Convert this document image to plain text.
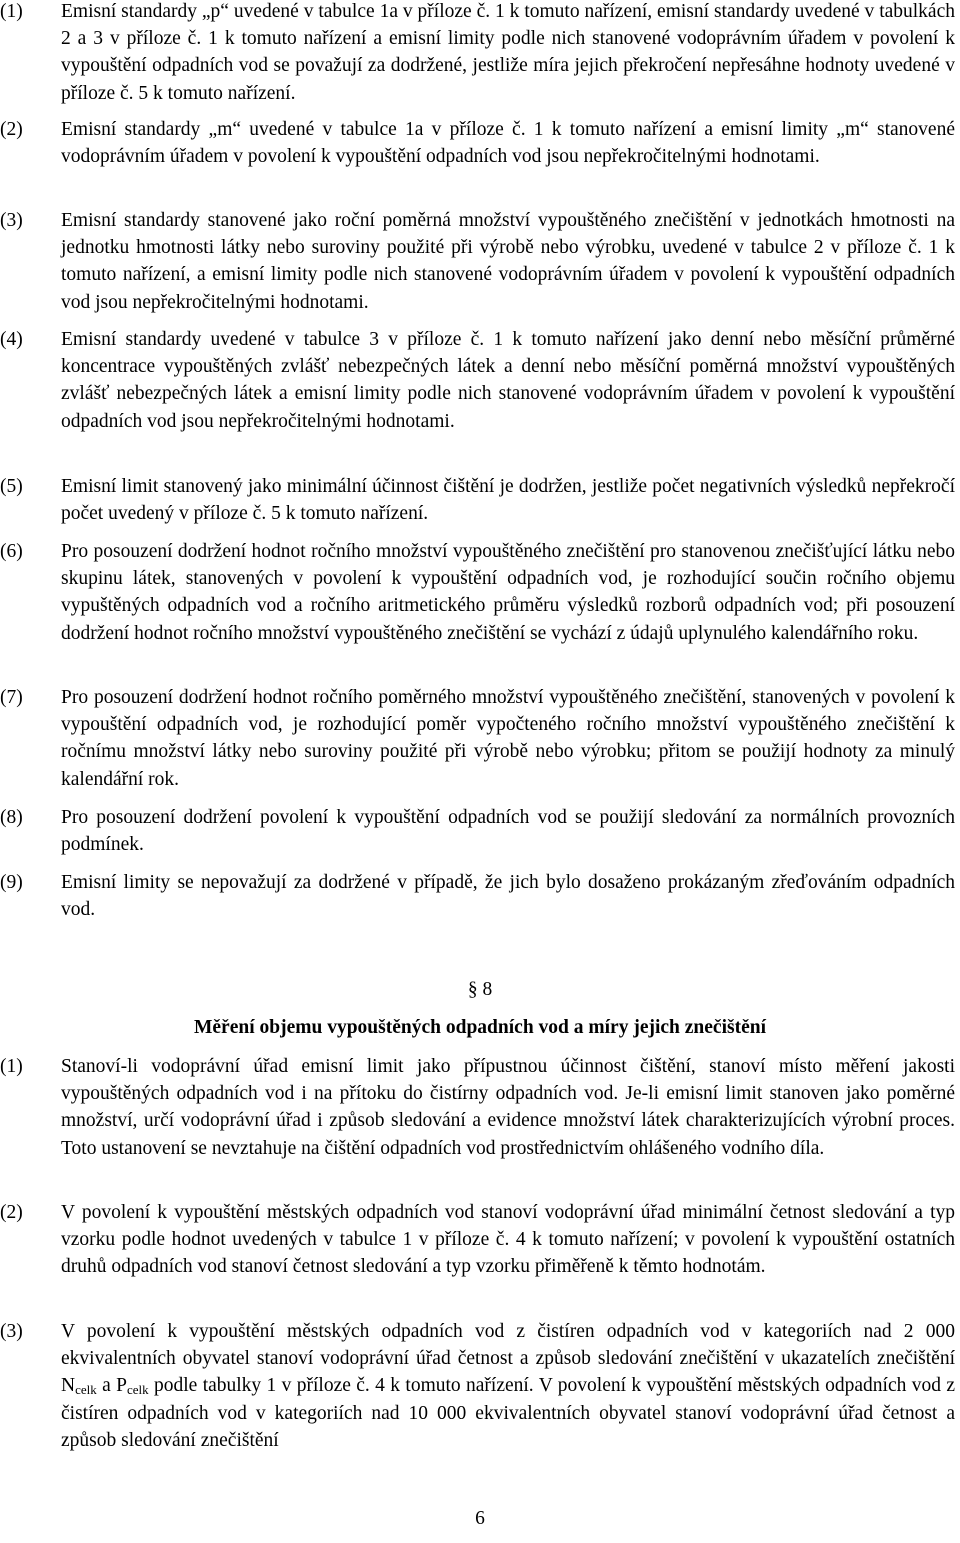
(1) Emisní standardy „p“ uvedené v tabulce 1a v příloze č. 1 k tomuto nařízení, emisní standardy uvedené v tabulkách 2 a 3 v příloze č. 1 k tomuto nařízení a emisní limity podle nich stanovené vodoprávním úřadem v povolení k vypouštění odpadních vod se považují za dodržené, jestliže míra jejich překročení nepřesáhne hodnoty uvedené v příloze č. 5 k tomuto nařízení.
(2) Emisní standardy „m“ uvedené v tabulce 1a v příloze č. 1 k tomuto nařízení a emisní limity „m“ stanovené vodoprávním úřadem v povolení k vypouštění odpadních vod jsou nepřekročitelnými hodnotami.
(3) Emisní standardy stanovené jako roční poměrná množství vypouštěného znečištění v jednotkách hmotnosti na jednotku hmotnosti látky nebo suroviny použité při výrobě nebo výrobku, uvedené v tabulce 2 v příloze č. 1 k tomuto nařízení, a emisní limity podle nich stanovené vodoprávním úřadem v povolení k vypouštění odpadních vod jsou nepřekročitelnými hodnotami.
(4) Emisní standardy uvedené v tabulce 3 v příloze č. 1 k tomuto nařízení jako denní nebo měsíční průměrné koncentrace vypouštěných zvlášť nebezpečných látek a denní nebo měsíční poměrná množství vypouštěných zvlášť nebezpečných látek a emisní limity podle nich stanovené vodoprávním úřadem v povolení k vypouštění odpadních vod jsou nepřekročitelnými hodnotami.
(5) Emisní limit stanovený jako minimální účinnost čištění je dodržen, jestliže počet negativních výsledků nepřekročí počet uvedený v příloze č. 5 k tomuto nařízení.
(6) Pro posouzení dodržení hodnot ročního množství vypouštěného znečištění pro stanovenou znečišťující látku nebo skupinu látek, stanovených v povolení k vypouštění odpadních vod, je rozhodující součin ročního objemu vypuštěných odpadních vod a ročního aritmetického průměru výsledků rozborů odpadních vod; při posouzení dodržení hodnot ročního množství vypouštěného znečištění se vychází z údajů uplynulého kalendářního roku.
(7) Pro posouzení dodržení hodnot ročního poměrného množství vypouštěného znečištění, stanovených v povolení k vypouštění odpadních vod, je rozhodující poměr vypočteného ročního množství vypouštěného znečištění k ročnímu množství látky nebo suroviny použité při výrobě nebo výrobku; přitom se použijí hodnoty za minulý kalendářní rok.
(8) Pro posouzení dodržení povolení k vypouštění odpadních vod se použijí sledování za normálních provozních podmínek.
(9) Emisní limity se nepovažují za dodržené v případě, že jich bylo dosaženo prokázaným zřeďováním odpadních vod.
§ 8
Měření objemu vypouštěných odpadních vod a míry jejich znečištění
(1) Stanoví-li vodoprávní úřad emisní limit jako přípustnou účinnost čištění, stanoví místo měření jakosti vypouštěných odpadních vod i na přítoku do čistírny odpadních vod. Je-li emisní limit stanoven jako poměrné množství, určí vodoprávní úřad i způsob sledování a evidence množství látek charakterizujících výrobní proces. Toto ustanovení se nevztahuje na čištění odpadních vod prostřednictvím ohlášeného vodního díla.
(2) V povolení k vypouštění městských odpadních vod stanoví vodoprávní úřad minimální četnost sledování a typ vzorku podle hodnot uvedených v tabulce 1 v příloze č. 4 k tomuto nařízení; v povolení k vypouštění ostatních druhů odpadních vod stanoví četnost sledování a typ vzorku přiměřeně k těmto hodnotám.
(3) V povolení k vypouštění městských odpadních vod z čistíren odpadních vod v kategoriích nad 2 000 ekvivalentních obyvatel stanoví vodoprávní úřad četnost a způsob sledování znečištění v ukazatelích znečištění $N_{celk}$ a $P_{celk}$ podle tabulky 1 v příloze č. 4 k tomuto nařízení. V povolení k vypouštění městských odpadních vod z čistíren odpadních vod v kategoriích nad 10 000 ekvivalentních obyvatel stanoví vodoprávní úřad četnost a způsob sledování znečištění
6
